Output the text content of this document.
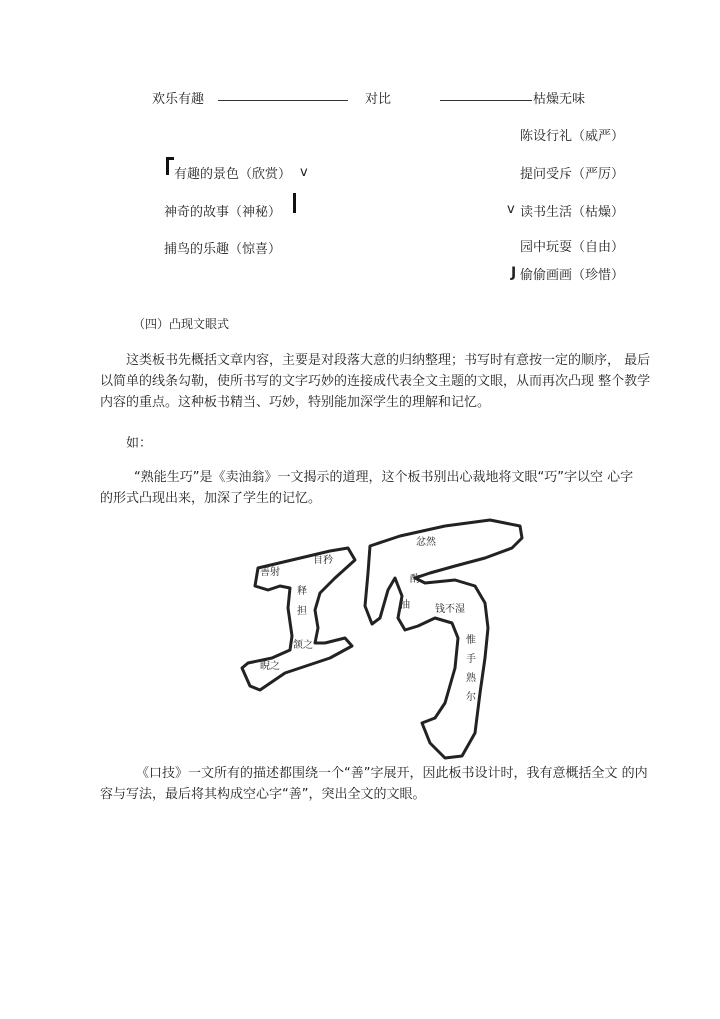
欢乐有趣	对比	枯燥无味
陈设行礼（威严）
提问受斥（严厉）
v 读书生活（枯燥）
园中玩耍（自由）
J 偷偷画画（珍惜）
有趣的景色（欣赏） v
神奇的故事（神秘）
捕鸟的乐趣（惊喜）
（四）凸现文眼式
这类板书先概括文章内容，主要是对段落大意的归纳整理；书写时有意按一定的顺序， 最后
以简单的线条勾勒，使所书写的文字巧妙的连接成代表全文主题的文眼，从而再次凸现 整个教学
内容的重点。这种板书精当、巧妙，特别能加深学生的理解和记忆。
如：
“熟能生巧”是《卖油翁》一文揭示的道理，这个板书别出心裁地将文眼“巧”字以空 心字
的形式凸现出来，加深了学生的记忆。
善射
自矜
释
担
颔之
睨之
忿然
酌
油	钱不湿
惟
手
熟
尔
《口技》一文所有的描述都围绕一个“善”字展开，因此板书设计时，我有意概括全文 的内
容与写法，最后将其构成空心字“善”，突出全文的文眼。
